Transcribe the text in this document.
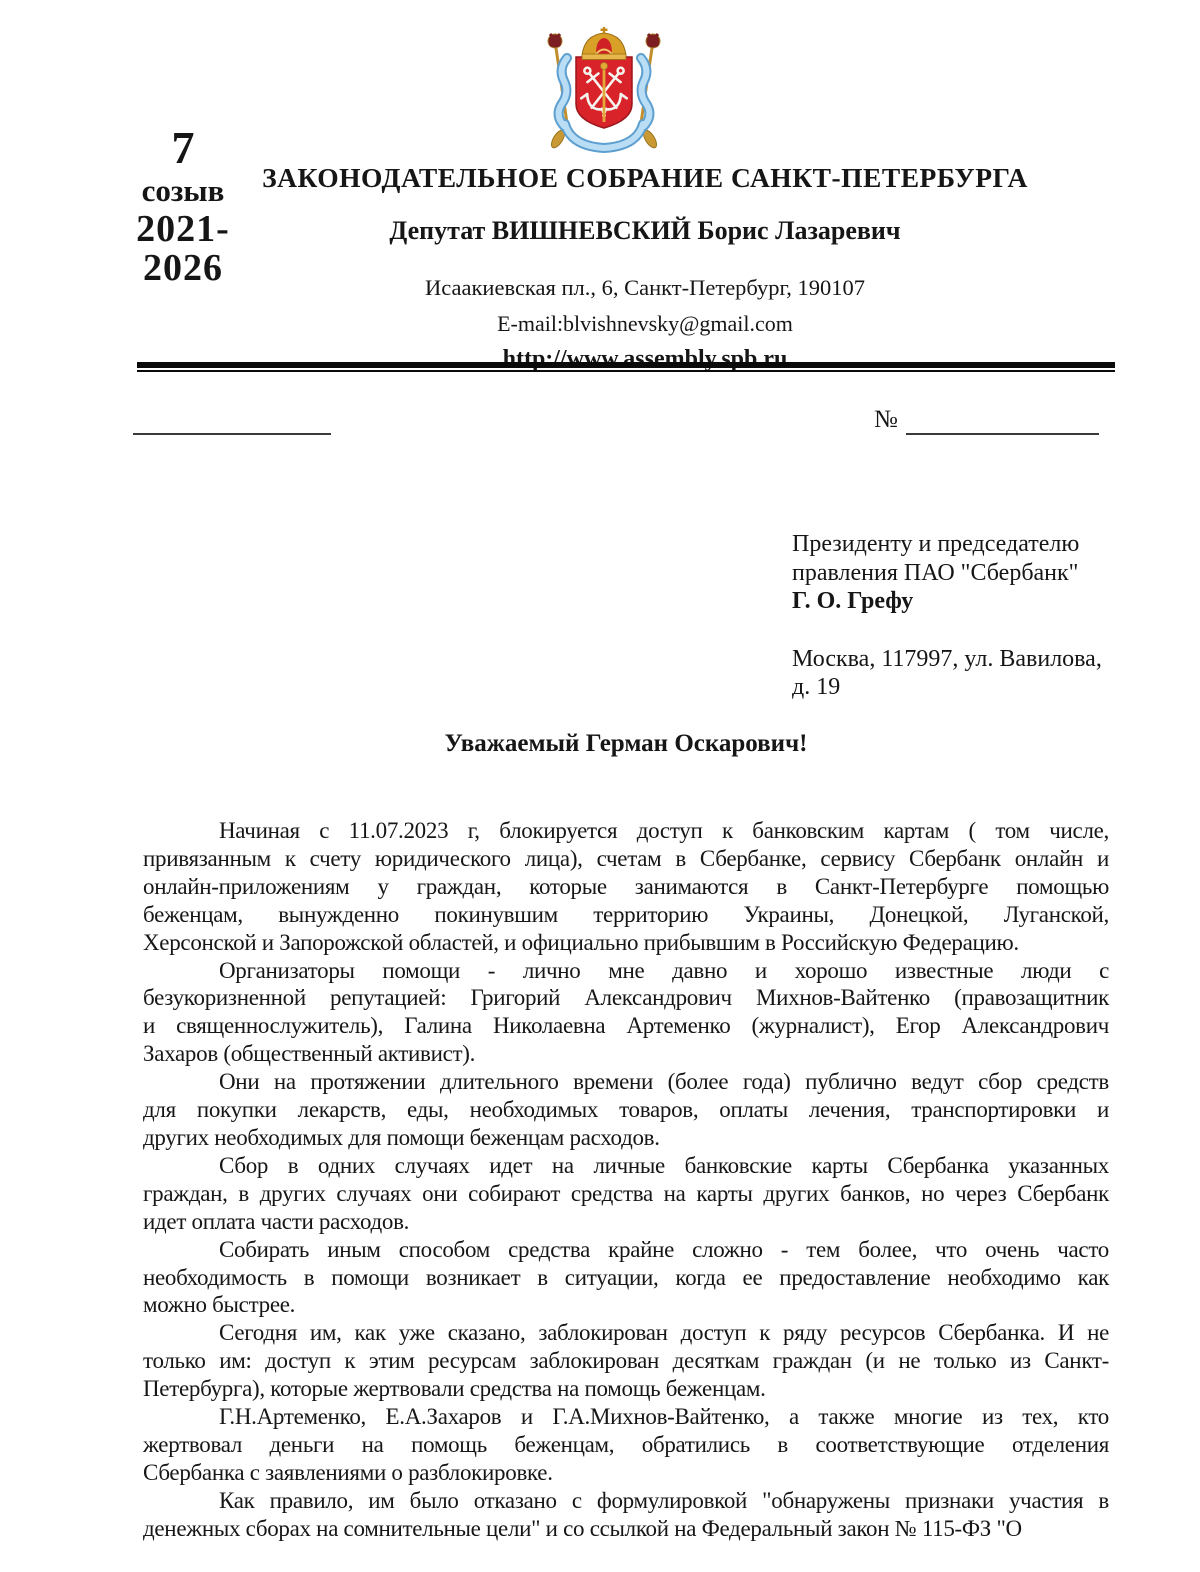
7
созыв
2021-
2026
ЗАКОНОДАТЕЛЬНОЕ СОБРАНИЕ САНКТ-ПЕТЕРБУРГА
Депутат ВИШНЕВСКИЙ Борис Лазаревич
Исаакиевская пл., 6, Санкт-Петербург, 190107
E-mail:blvishnevsky@gmail.com
http://www.assembly.spb.ru
№
Президенту и председателю
правления ПАО "Сбербанк"
Г. О. Грефу
Москва, 117997, ул. Вавилова,
д. 19
Уважаемый Герман Оскарович!
Начиная с 11.07.2023 г, блокируется доступ к банковским картам ( том числе,
привязанным к счету юридического лица), счетам в Сбербанке, сервису Сбербанк онлайн и
онлайн-приложениям у граждан, которые занимаются в Санкт-Петербурге помощью
беженцам, вынужденно покинувшим территорию Украины, Донецкой, Луганской,
Херсонской и Запорожской областей, и официально прибывшим в Российскую Федерацию.
Организаторы помощи - лично мне давно и хорошо известные люди с
безукоризненной репутацией: Григорий Александрович Михнов-Вайтенко (правозащитник
и священнослужитель), Галина Николаевна Артеменко (журналист), Егор Александрович
Захаров (общественный активист).
Они на протяжении длительного времени (более года) публично ведут сбор средств
для покупки лекарств, еды, необходимых товаров, оплаты лечения, транспортировки и
других необходимых для помощи беженцам расходов.
Сбор в одних случаях идет на личные банковские карты Сбербанка указанных
граждан, в других случаях они собирают средства на карты других банков, но через Сбербанк
идет оплата части расходов.
Собирать иным способом средства крайне сложно - тем более, что очень часто
необходимость в помощи возникает в ситуации, когда ее предоставление необходимо как
можно быстрее.
Сегодня им, как уже сказано, заблокирован доступ к ряду ресурсов Сбербанка. И не
только им: доступ к этим ресурсам заблокирован десяткам граждан (и не только из Санкт-
Петербурга), которые жертвовали средства на помощь беженцам.
Г.Н.Артеменко, Е.А.Захаров и Г.А.Михнов-Вайтенко, а также многие из тех, кто
жертвовал деньги на помощь беженцам, обратились в соответствующие отделения
Сбербанка с заявлениями о разблокировке.
Как правило, им было отказано с формулировкой "обнаружены признаки участия в
денежных сборах на сомнительные цели" и со ссылкой на Федеральный закон № 115-ФЗ "О
